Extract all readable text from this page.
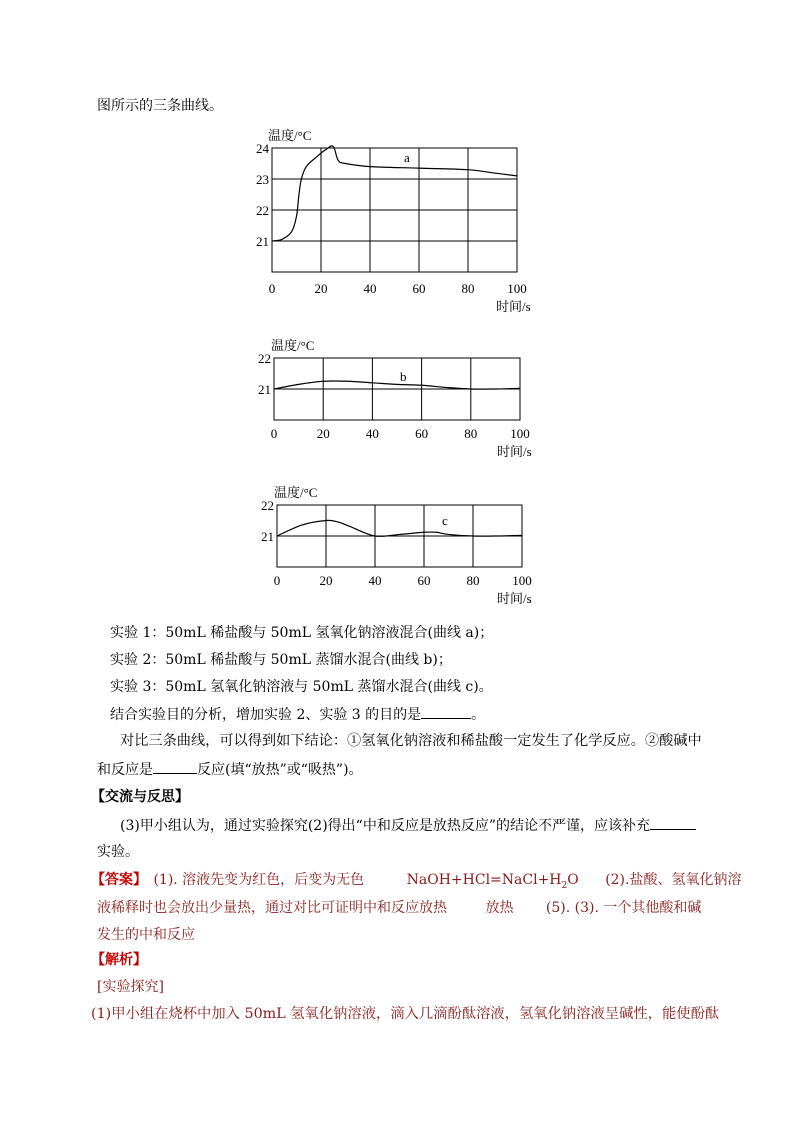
图所示的三条曲线。
0	20	40	60	80	100
24
23
22
21
温度/°C
时间/s
a
0	20	40	60	80	100
22
21
温度/°C
时间/s
b
0	20	40	60	80	100
22
21
温度/°C
时间/s
c
实验 1：50mL 稀盐酸与 50mL 氢氧化钠溶液混合(曲线 a)；
实验 2：50mL 稀盐酸与 50mL 蒸馏水混合(曲线 b)；
实验 3：50mL 氢氧化钠溶液与 50mL 蒸馏水混合(曲线 c)。
结合实验目的分析，增加实验 2、实验 3 的目的是	。
对比三条曲线，可以得到如下结论：①氢氧化钠溶液和稀盐酸一定发生了化学反应。②酸碱中
和反应是	反应(填“放热”或“吸热”)。
【交流与反思】
(3)甲小组认为，通过实验探究(2)得出“中和反应是放热反应”的结论不严谨，应该补充
实验。
【答案】 (1). 溶液先变为红色，后变为无色	$NaOH+HCl=NaCl+H_2O$ (2).盐酸、氢氧化钠溶
液稀释时也会放出少量热，通过对比可证明中和反应放热	放热 (5). (3). 一个其他酸和碱
发生的中和反应
【解析】
[实验探究]
(1)甲小组在烧杯中加入 50mL 氢氧化钠溶液，滴入几滴酚酞溶液，氢氧化钠溶液呈碱性，能使酚酞
